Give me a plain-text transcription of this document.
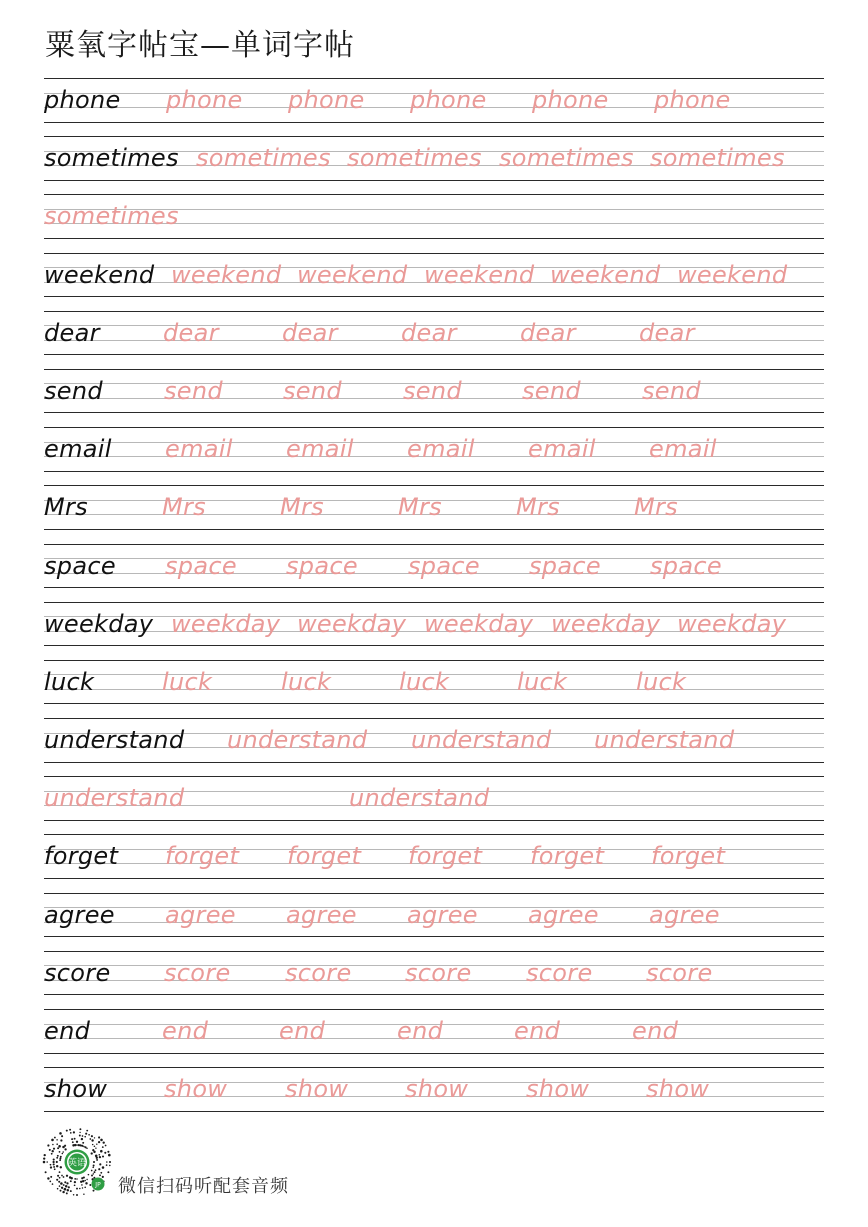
粟氧字帖宝—单词字帖
phone phone phone phone phone phone
sometimes sometimes sometimes sometimes sometimes
sometimes
weekend weekend weekend weekend weekend weekend
dear	dear	dear	dear	dear	dear
send	send	send	send	send	send
email email email email email email
Mrs	Mrs	Mrs	Mrs	Mrs	Mrs
space space space space space space
weekday weekday weekday weekday weekday weekday
luck	luck	luck	luck	luck	luck
understand understand understand understand
understand	understand
forget forget forget forget forget forget
agree agree agree agree agree agree
score score score score score score
end	end	end	end	end	end
show show show show show show
英语
JP 微信扫码听配套音频
